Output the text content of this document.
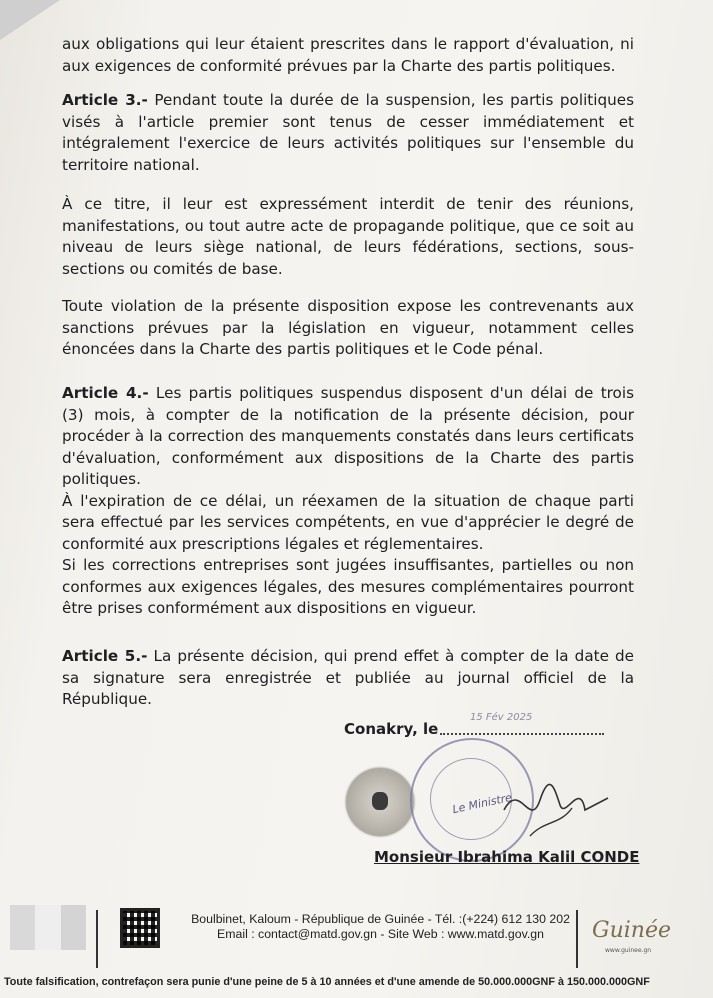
aux obligations qui leur étaient prescrites dans le rapport d'évaluation, ni aux exigences de conformité prévues par la Charte des partis politiques.

Article 3.- Pendant toute la durée de la suspension, les partis politiques visés à l'article premier sont tenus de cesser immédiatement et intégralement l'exercice de leurs activités politiques sur l'ensemble du territoire national.

À ce titre, il leur est expressément interdit de tenir des réunions, manifestations, ou tout autre acte de propagande politique, que ce soit au niveau de leurs siège national, de leurs fédérations, sections, sous-sections ou comités de base.

Toute violation de la présente disposition expose les contrevenants aux sanctions prévues par la législation en vigueur, notamment celles énoncées dans la Charte des partis politiques et le Code pénal.

Article 4.- Les partis politiques suspendus disposent d'un délai de trois (3) mois, à compter de la notification de la présente décision, pour procéder à la correction des manquements constatés dans leurs certificats d'évaluation, conformément aux dispositions de la Charte des partis politiques.

À l'expiration de ce délai, un réexamen de la situation de chaque parti sera effectué par les services compétents, en vue d'apprécier le degré de conformité aux prescriptions légales et réglementaires.

Si les corrections entreprises sont jugées insuffisantes, partielles ou non conformes aux exigences légales, des mesures complémentaires pourront être prises conformément aux dispositions en vigueur.

Article 5.- La présente décision, qui prend effet à compter de la date de sa signature sera enregistrée et publiée au journal officiel de la République.

Conakry, le
15 Fév 2025
Le Ministre
Monsieur Ibrahima Kalil CONDE
Boulbinet, Kaloum - République de Guinée - Tél. :(+224) 612 130 202
Email : contact@matd.gov.gn - Site Web : www.matd.gov.gn	Guinée
www.guinee.gn
Toute falsification, contrefaçon sera punie d'une peine de 5 à 10 années et d'une amende de 50.000.000GNF à 150.000.000GNF
